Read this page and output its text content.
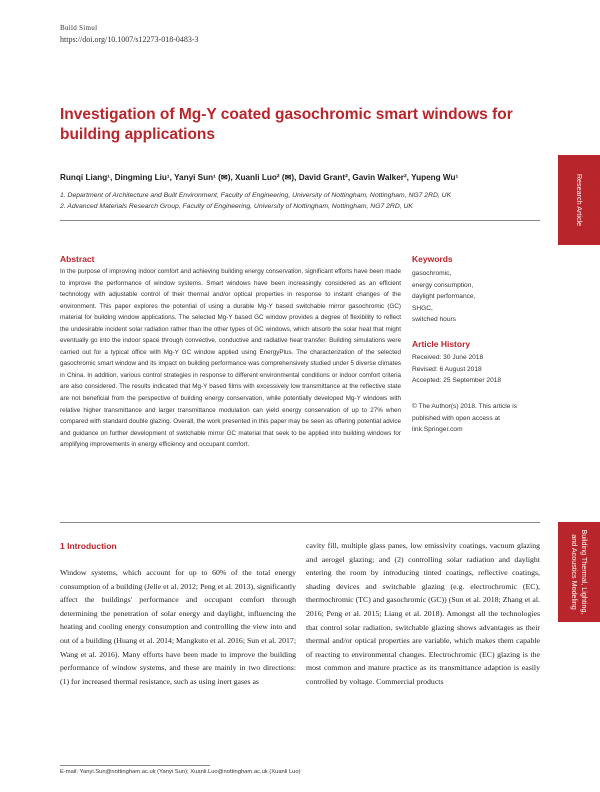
Build Simul
https://doi.org/10.1007/s12273-018-0483-3
Investigation of Mg-Y coated gasochromic smart windows for building applications
Runqi Liang¹, Dingming Liu¹, Yanyi Sun¹ (✉), Xuanli Luo² (✉), David Grant², Gavin Walker², Yupeng Wu¹
1. Department of Architecture and Built Environment, Faculty of Engineering, University of Nottingham, Nottingham, NG7 2RD, UK
2. Advanced Materials Research Group, Faculty of Engineering, University of Nottingham, Nottingham, NG7 2RD, UK	Research Article
Abstract
In the purpose of improving indoor comfort and achieving building energy conservation, significant efforts have been made to improve the performance of window systems. Smart windows have been increasingly considered as an efficient technology with adjustable control of their thermal and/or optical properties in response to instant changes of the environment. This paper explores the potential of using a durable Mg-Y based switchable mirror gasochromic (GC) material for building window applications. The selected Mg-Y based GC window provides a degree of flexibility to reflect the undesirable incident solar radiation rather than the other types of GC windows, which absorb the solar heat that might eventually go into the indoor space through convective, conductive and radiative heat transfer. Building simulations were carried out for a typical office with Mg-Y GC window applied using EnergyPlus. The characterization of the selected gasochromic smart window and its impact on building performance was comprehensively studied under 5 diverse climates in China. In addition, various control strategies in response to different environmental conditions or indoor comfort criteria are also considered. The results indicated that Mg-Y based films with excessively low transmittance at the reflective state are not beneficial from the perspective of building energy conservation, while potentially developed Mg-Y windows with relative higher transmittance and larger transmittance modulation can yield energy conservation of up to 27% when compared with standard double glazing. Overall, the work presented in this paper may be seen as offering potential advice and guidance on further development of switchable mirror GC material that seek to be applied into building windows for amplifying improvements in energy efficiency and occupant comfort.
Keywords
gasochromic,
energy consumption,
daylight performance,
SHGC,
switched hours
Article History
Received: 30 June 2018
Revised: 6 August 2018
Accepted: 25 September 2018
© The Author(s) 2018. This article is published with open access at link.Springer.com
Building Thermal, Lighting, and Acoustics Modeling
1 Introduction
Window systems, which account for up to 60% of the total energy consumption of a building (Jelle et al. 2012; Peng et al. 2013), significantly affect the buildings' performance and occupant comfort through determining the penetration of solar energy and daylight, influencing the heating and cooling energy consumption and controlling the view into and out of a building (Huang et al. 2014; Mangkuto et al. 2016; Sun et al. 2017; Wang et al. 2016). Many efforts have been made to improve the building performance of window systems, and these are mainly in two directions: (1) for increased thermal resistance, such as using inert gases as
cavity fill, multiple glass panes, low emissivity coatings, vacuum glazing and aerogel glazing; and (2) controlling solar radiation and daylight entering the room by introducing tinted coatings, reflective coatings, shading devices and switchable glazing (e.g. electrochromic (EC), thermochromic (TC) and gasochromic (GC)) (Sun et al. 2018; Zhang et al. 2016; Peng et al. 2015; Liang et al. 2018). Amongst all the technologies that control solar radiation, switchable glazing shows advantages as their thermal and/or optical properties are variable, which makes them capable of reacting to environmental changes. Electrochromic (EC) glazing is the most common and mature practice as its transmittance adaption is easily controlled by voltage. Commercial products
E-mail: Yanyi.Sun@nottingham.ac.uk (Yanyi Sun); Xuanli.Luo@nottingham.ac.uk (Xuanli Luo)
